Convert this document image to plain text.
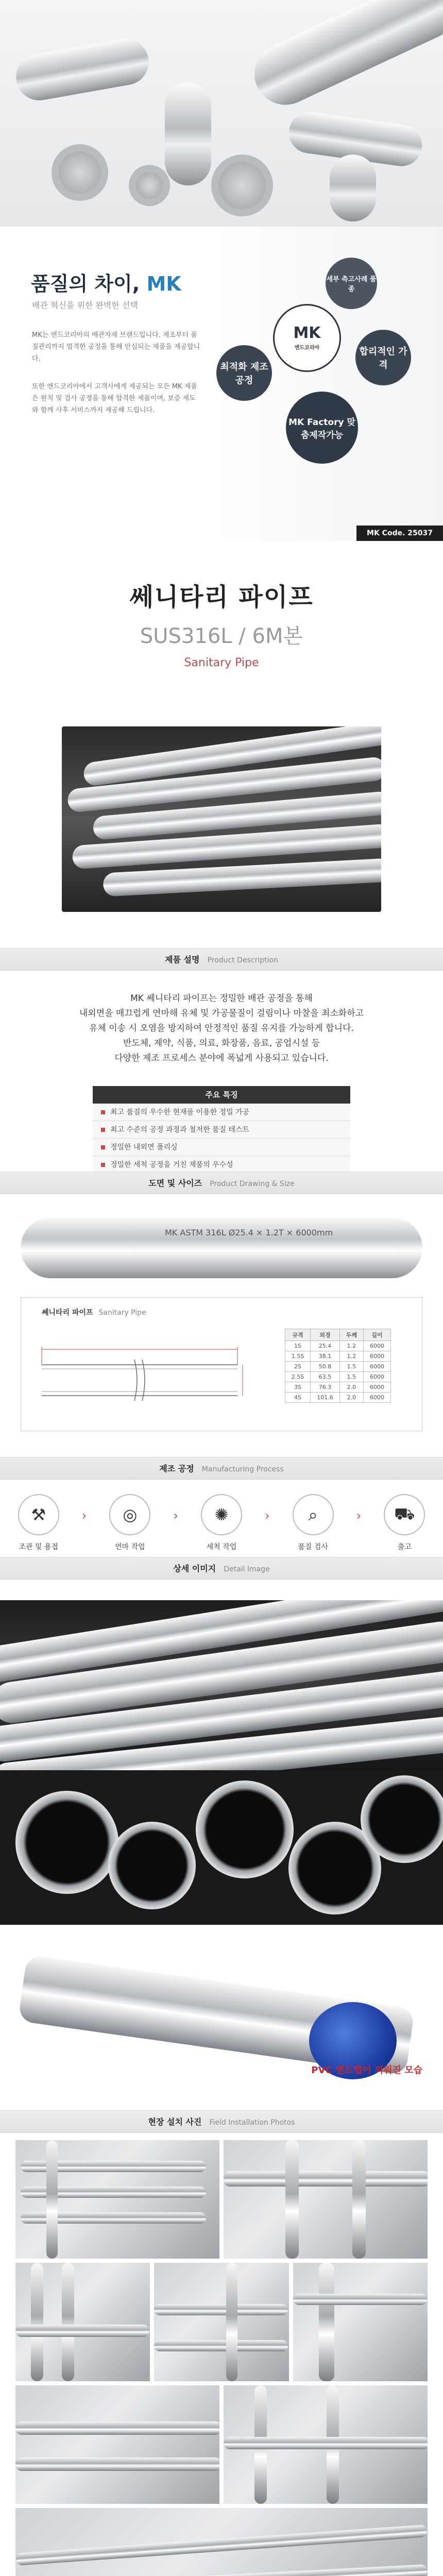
품질의 차이, MK
배관 혁신을 위한 완벽한 선택
MK는 엔드코리아의 배관자재 브랜드입니다. 제조부터 품질관리까지 엄격한 공정을 통해 안심되는 제품을 제공합니다.
또한 엔드코리아에서 고객사에게 제공되는 모든 MK 제품은 원칙 및 검사 공정을 통해 합격한 제품이며, 보증 제도와 함께 사후 서비스까지 제공해 드립니다.
세부 측고사례 품종
MK
엔드코리아
최적화 제조공정
합리적인 가격
MK Factory 맞춤제작가능
MK Code. 25037
쎄니타리 파이프
SUS316L / 6M본
Sanitary Pipe
제품 설명 Product Description
MK 쎄니타리 파이프는 정밀한 배관 공정을 통해
내외면을 매끄럽게 연마해 유체 및 가공물질이 걸림이나 마찰을 최소화하고
유체 이송 시 오염을 방지하여 안정적인 품질 유지를 가능하게 합니다.
반도체, 제약, 식품, 의료, 화장품, 음료, 공업시설 등
다양한 제조 프로세스 분야에 폭넓게 사용되고 있습니다.
주요 특징
최고 품질의 우수한 현재를 이용한 정밀 가공
최고 수준의 공정 과정과 철저한 품질 테스트
정밀한 내외면 폴리싱
정밀한 세척 공정을 거친 제품의 우수성
도면 및 사이즈 Product Drawing & Size
MK ASTM 316L Ø25.4 × 1.2T × 6000mm
쎄니타리 파이프 Sanitary Pipe
규격	외경	두께	길이
1S	25.4	1.2	6000
1.5S	38.1	1.2	6000
2S	50.8	1.5	6000
2.5S	63.5	1.5	6000
3S	76.3	2.0	6000
4S	101.6	2.0	6000
제조 공정 Manufacturing Process
⚒
조관 및 용접
›	◎
연마 작업
›	✺
세척 작업
›	⌕
품질 검사
›	⛟
출고
상세 이미지 Detail Image
PVC 엔드캡이 끼워진 모습
현장 설치 사진 Field Installation Photos
